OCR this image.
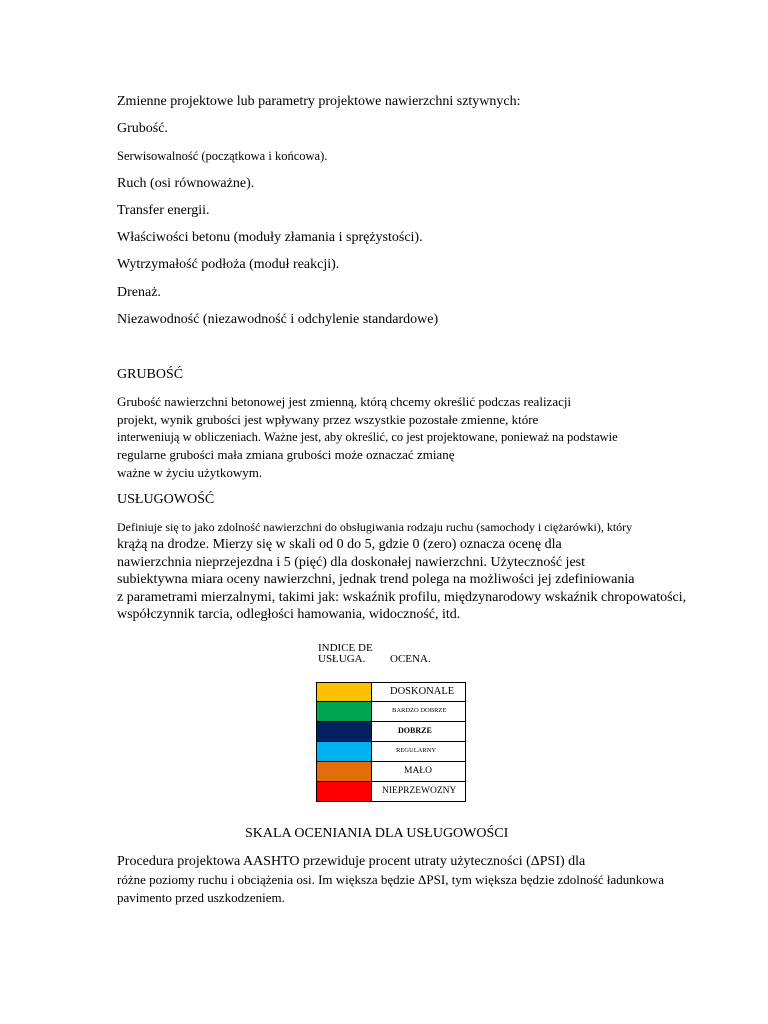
Zmienne projektowe lub parametry projektowe nawierzchni sztywnych:
Grubość.
Serwisowalność (początkowa i końcowa).
Ruch (osi równoważne).
Transfer energii.
Właściwości betonu (moduły złamania i sprężystości).
Wytrzymałość podłoża (moduł reakcji).
Drenaż.
Niezawodność (niezawodność i odchylenie standardowe)
GRUBOŚĆ
Grubość nawierzchni betonowej jest zmienną, którą chcemy określić podczas realizacji
projekt, wynik grubości jest wpływany przez wszystkie pozostałe zmienne, które
interweniują w obliczeniach. Ważne jest, aby określić, co jest projektowane, ponieważ na podstawie
regularne grubości mała zmiana grubości może oznaczać zmianę
ważne w życiu użytkowym.
USŁUGOWOŚĆ
Definiuje się to jako zdolność nawierzchni do obsługiwania rodzaju ruchu (samochody i ciężarówki), który
krążą na drodze. Mierzy się w skali od 0 do 5, gdzie 0 (zero) oznacza ocenę dla
nawierzchnia nieprzejezdna i 5 (pięć) dla doskonałej nawierzchni. Użyteczność jest
subiektywna miara oceny nawierzchni, jednak trend polega na możliwości jej zdefiniowania
z parametrami mierzalnymi, takimi jak: wskaźnik profilu, międzynarodowy wskaźnik chropowatości,
współczynnik tarcia, odległości hamowania, widoczność, itd.
INDICE DE
USŁUGA.	OCENA.
DOSKONALE
BARDZO DOBRZE
DOBRZE
REGULARNY
MAŁO
NIEPRZEWOZNY
SKALA OCENIANIA DLA USŁUGOWOŚCI
Procedura projektowa AASHTO przewiduje procent utraty użyteczności (ΔPSI) dla
różne poziomy ruchu i obciążenia osi. Im większa będzie ΔPSI, tym większa będzie zdolność ładunkowa
pavimento przed uszkodzeniem.
